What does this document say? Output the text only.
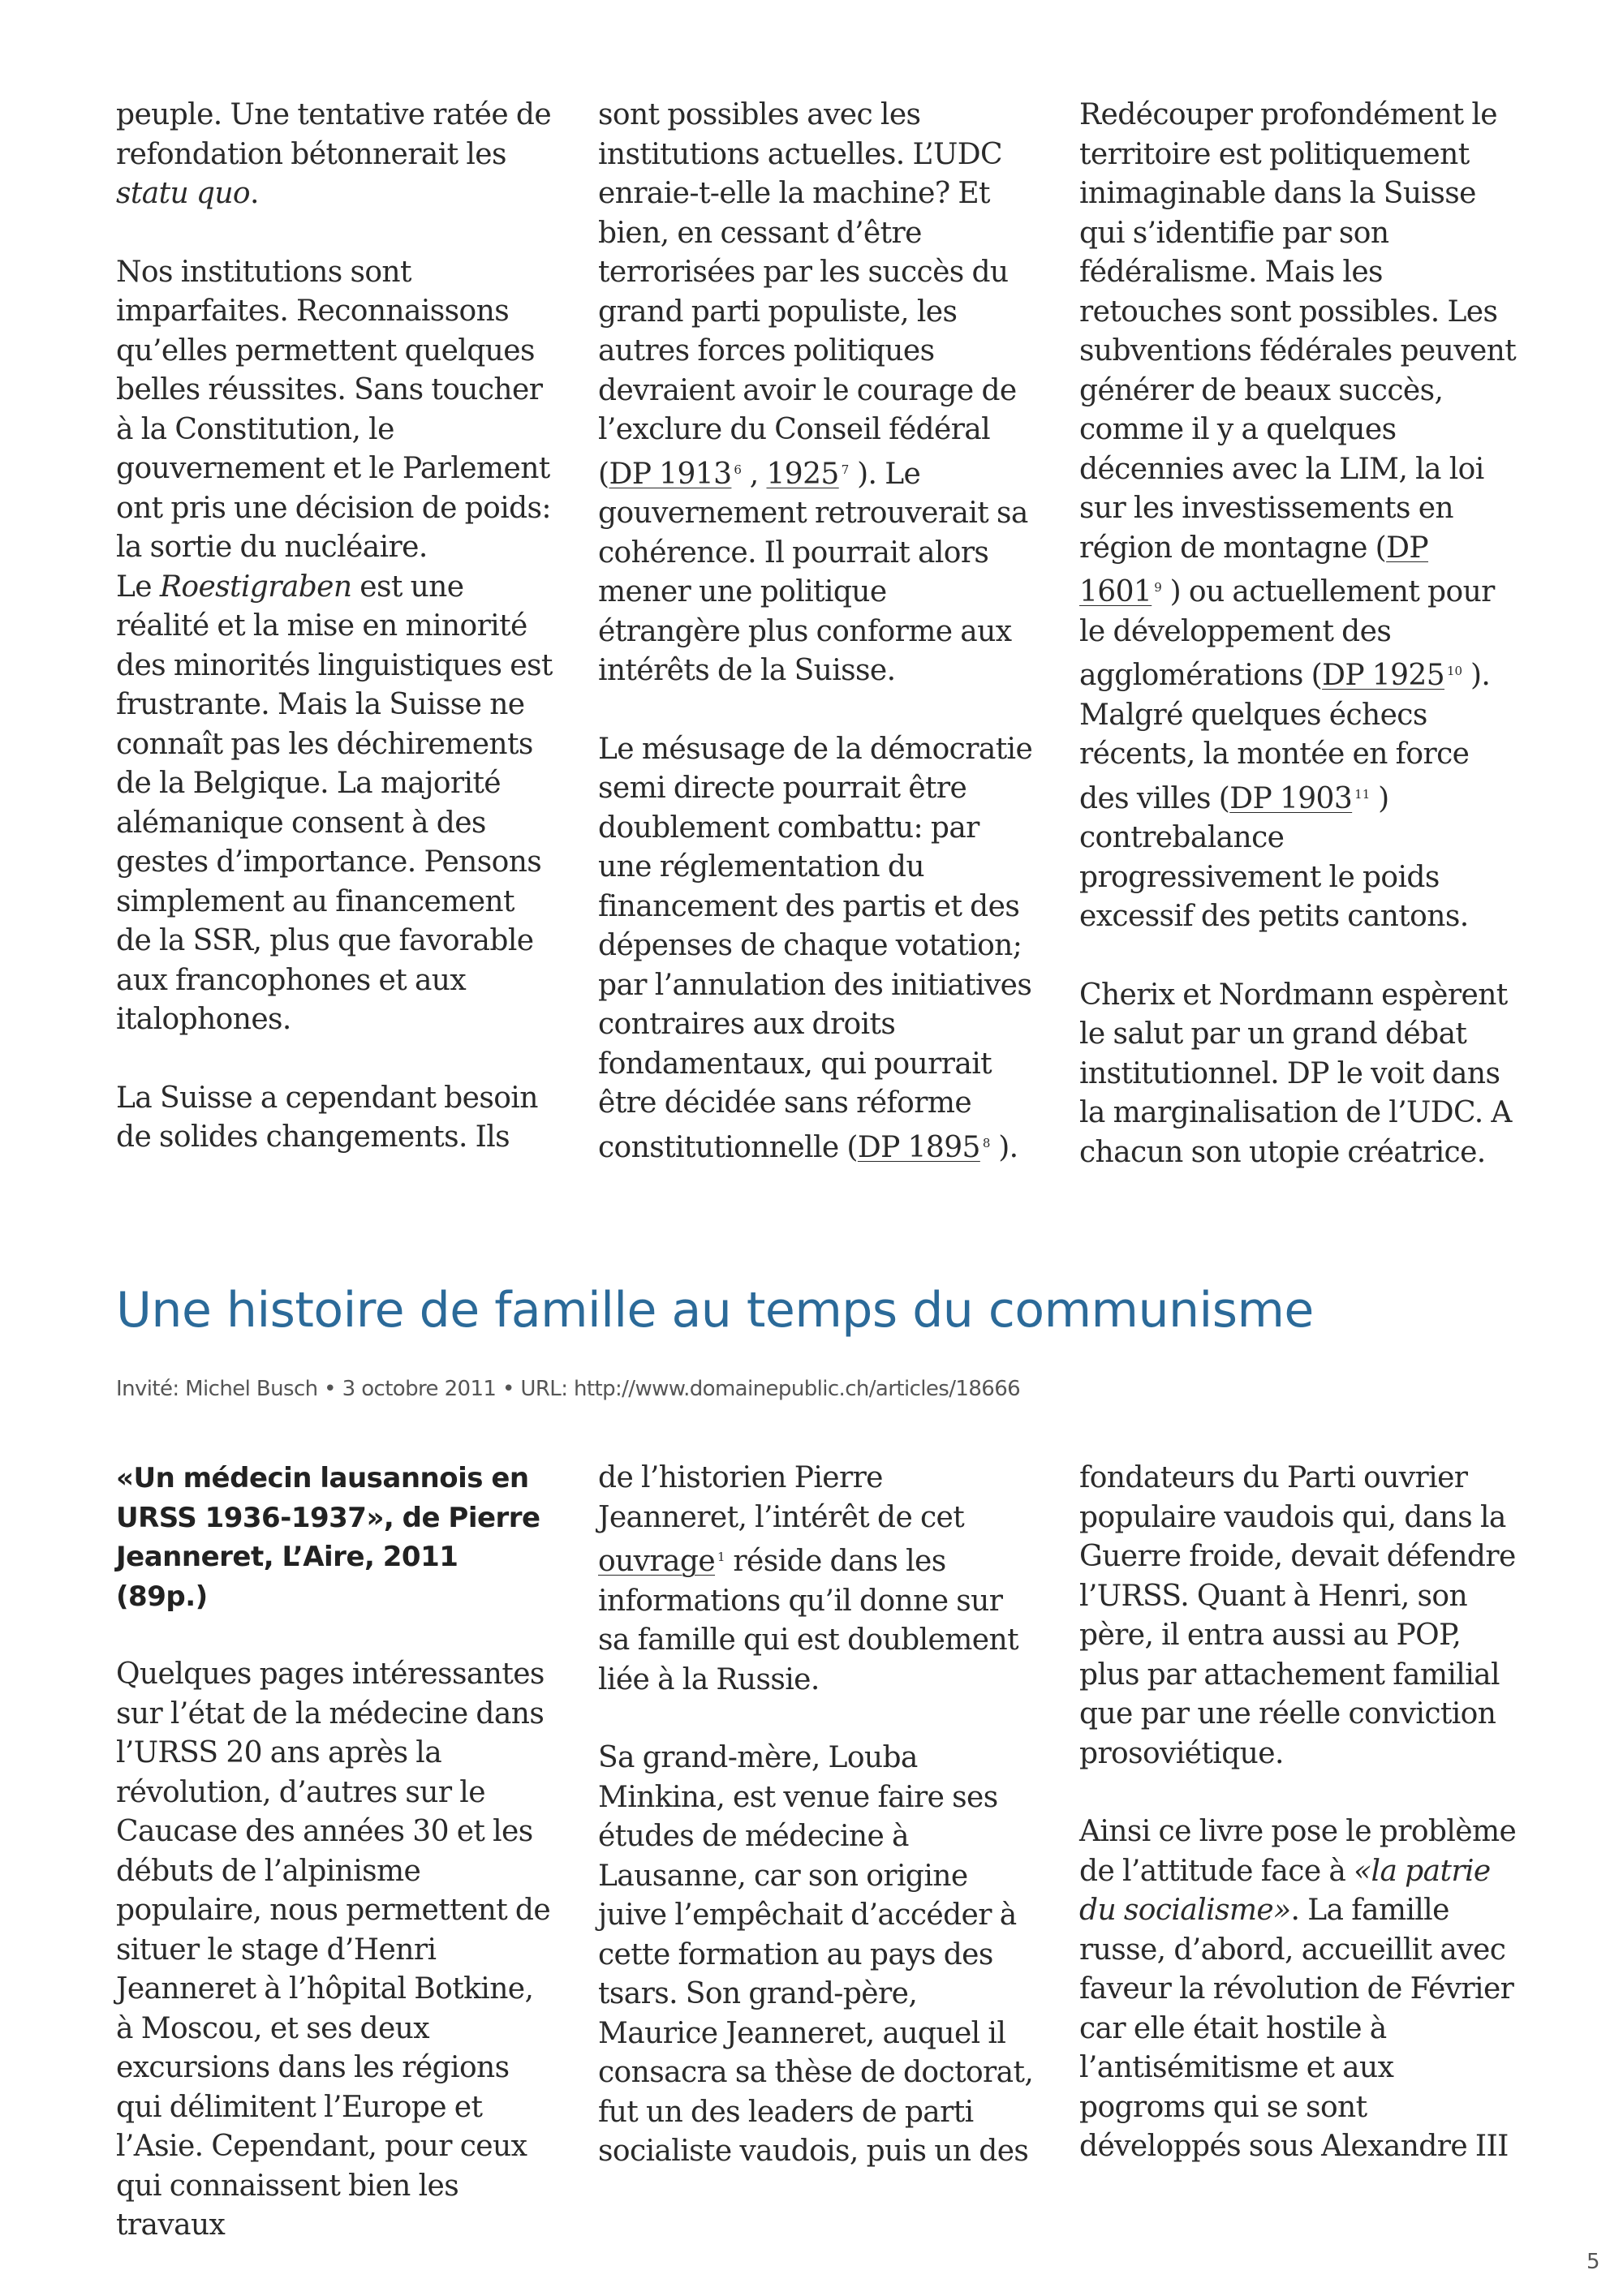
peuple. Une tentative ratée de refondation bétonnerait les statu quo.

Nos institutions sont imparfaites. Reconnaissons qu’elles permettent quelques belles réussites. Sans toucher à la Constitution, le gouvernement et le Parlement ont pris une décision de poids: la sortie du nucléaire.
Le Roestigraben est une réalité et la mise en minorité des minorités linguistiques est frustrante. Mais la Suisse ne connaît pas les déchirements de la Belgique. La majorité alémanique consent à des gestes d’importance. Pensons simplement au financement de la SSR, plus que favorable aux francophones et aux italophones.

La Suisse a cependant besoin de solides changements. Ils

sont possibles avec les institutions actuelles. L’UDC enraie-t-elle la machine? Et bien, en cessant d’être terrorisées par les succès du grand parti populiste, les autres forces politiques devraient avoir le courage de l’exclure du Conseil fédéral (DP 1913 $^6$ , 1925 $^7$ ). Le gouvernement retrouverait sa cohérence. Il pourrait alors mener une politique étrangère plus conforme aux intérêts de la Suisse.

Le mésusage de la démocratie semi directe pourrait être doublement combattu: par une réglementation du financement des partis et des dépenses de chaque votation; par l’annulation des initiatives contraires aux droits fondamentaux, qui pourrait être décidée sans réforme constitutionnelle (DP 1895 $^8$ ).

Redécouper profondément le territoire est politiquement inimaginable dans la Suisse qui s’identifie par son fédéralisme. Mais les retouches sont possibles. Les subventions fédérales peuvent générer de beaux succès, comme il y a quelques décennies avec la LIM, la loi sur les investissements en région de montagne (DP 1601 $^9$ ) ou actuellement pour le développement des agglomérations (DP 1925 $^{10}$ ). Malgré quelques échecs récents, la montée en force des villes (DP 1903 $^{11}$ ) contrebalance progressivement le poids excessif des petits cantons.

Cherix et Nordmann espèrent le salut par un grand débat institutionnel. DP le voit dans la marginalisation de l’UDC. A chacun son utopie créatrice.

Une histoire de famille au temps du communisme
Invité: Michel Busch • 3 octobre 2011 • URL: http://www.domainepublic.ch/articles/18666

«Un médecin lausannois en URSS 1936-1937», de Pierre Jeanneret, L’Aire, 2011 (89p.)

Quelques pages intéressantes sur l’état de la médecine dans l’URSS 20 ans après la révolution, d’autres sur le Caucase des années 30 et les débuts de l’alpinisme populaire, nous permettent de situer le stage d’Henri Jeanneret à l’hôpital Botkine, à Moscou, et ses deux excursions dans les régions qui délimitent l’Europe et l’Asie. Cependant, pour ceux qui connaissent bien les travaux

de l’historien Pierre Jeanneret, l’intérêt de cet ouvrage $^1$ réside dans les informations qu’il donne sur sa famille qui est doublement liée à la Russie.

Sa grand-mère, Louba Minkina, est venue faire ses études de médecine à Lausanne, car son origine juive l’empêchait d’accéder à cette formation au pays des tsars. Son grand-père, Maurice Jeanneret, auquel il consacra sa thèse de doctorat, fut un des leaders de parti socialiste vaudois, puis un des

fondateurs du Parti ouvrier populaire vaudois qui, dans la Guerre froide, devait défendre l’URSS. Quant à Henri, son père, il entra aussi au POP, plus par attachement familial que par une réelle conviction prosoviétique.

Ainsi ce livre pose le problème de l’attitude face à «la patrie du socialisme». La famille russe, d’abord, accueillit avec faveur la révolution de Février car elle était hostile à l’antisémitisme et aux pogroms qui se sont développés sous Alexandre III

5
